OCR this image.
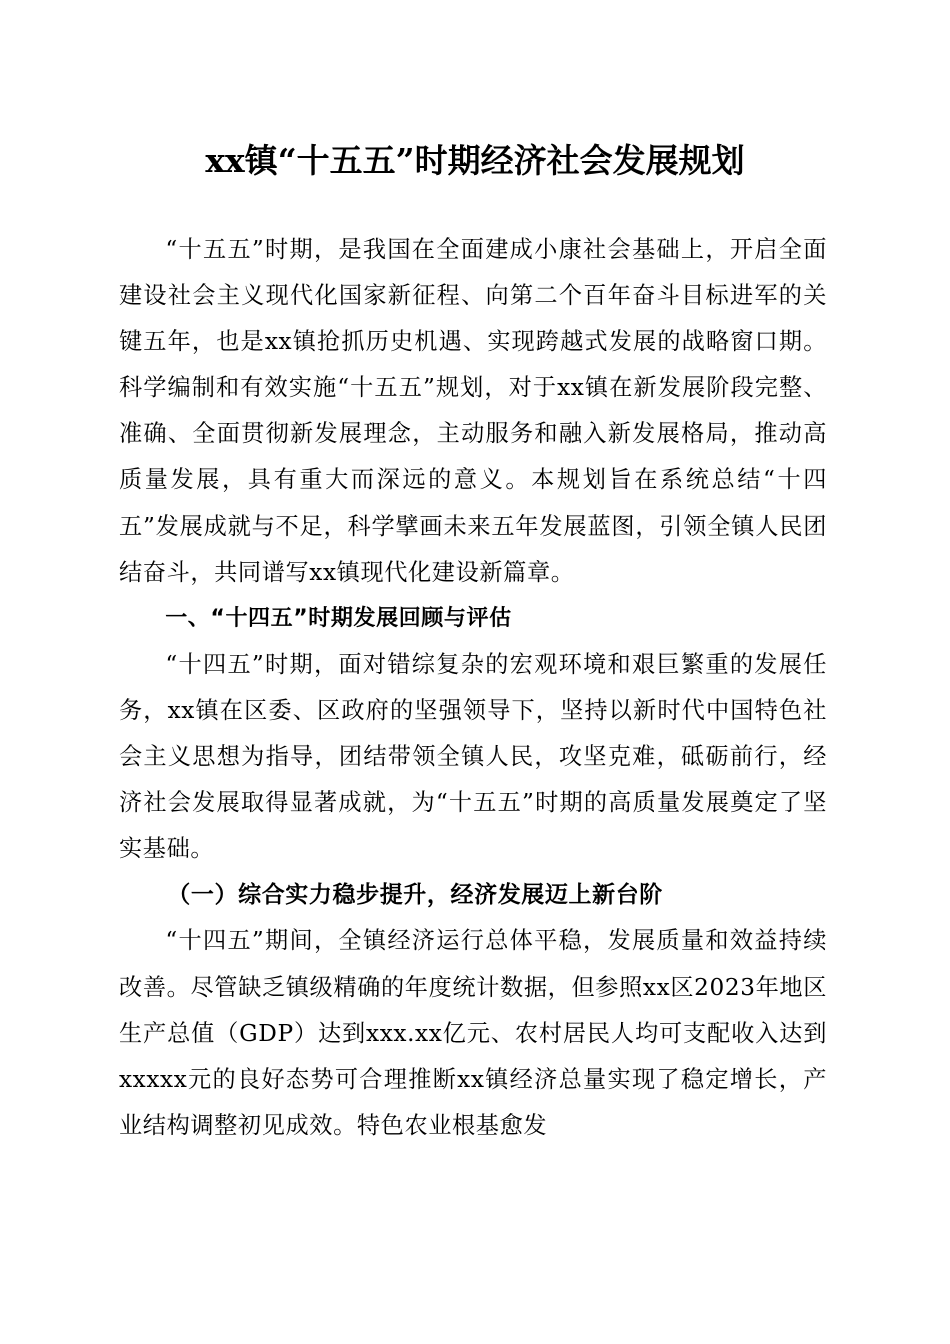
xx镇“十五五”时期经济社会发展规划

“十五五”时期，是我国在全面建成小康社会基础上，开启全面建设社会主义现代化国家新征程、向第二个百年奋斗目标进军的关键五年，也是xx镇抢抓历史机遇、实现跨越式发展的战略窗口期。科学编制和有效实施“十五五”规划，对于xx镇在新发展阶段完整、准确、全面贯彻新发展理念，主动服务和融入新发展格局，推动高质量发展，具有重大而深远的意义。本规划旨在系统总结“十四五”发展成就与不足，科学擘画未来五年发展蓝图，引领全镇人民团结奋斗，共同谱写xx镇现代化建设新篇章。

一、“十四五”时期发展回顾与评估

“十四五”时期，面对错综复杂的宏观环境和艰巨繁重的发展任务，xx镇在区委、区政府的坚强领导下，坚持以新时代中国特色社会主义思想为指导，团结带领全镇人民，攻坚克难，砥砺前行，经济社会发展取得显著成就，为“十五五”时期的高质量发展奠定了坚实基础。

（一）综合实力稳步提升，经济发展迈上新台阶

“十四五”期间，全镇经济运行总体平稳，发展质量和效益持续改善。尽管缺乏镇级精确的年度统计数据，但参照xx区2023年地区生产总值（GDP）达到xxx.xx亿元、农村居民人均可支配收入达到xxxxx元的良好态势可合理推断xx镇经济总量实现了稳定增长，产业结构调整初见成效。特色农业根基愈发
